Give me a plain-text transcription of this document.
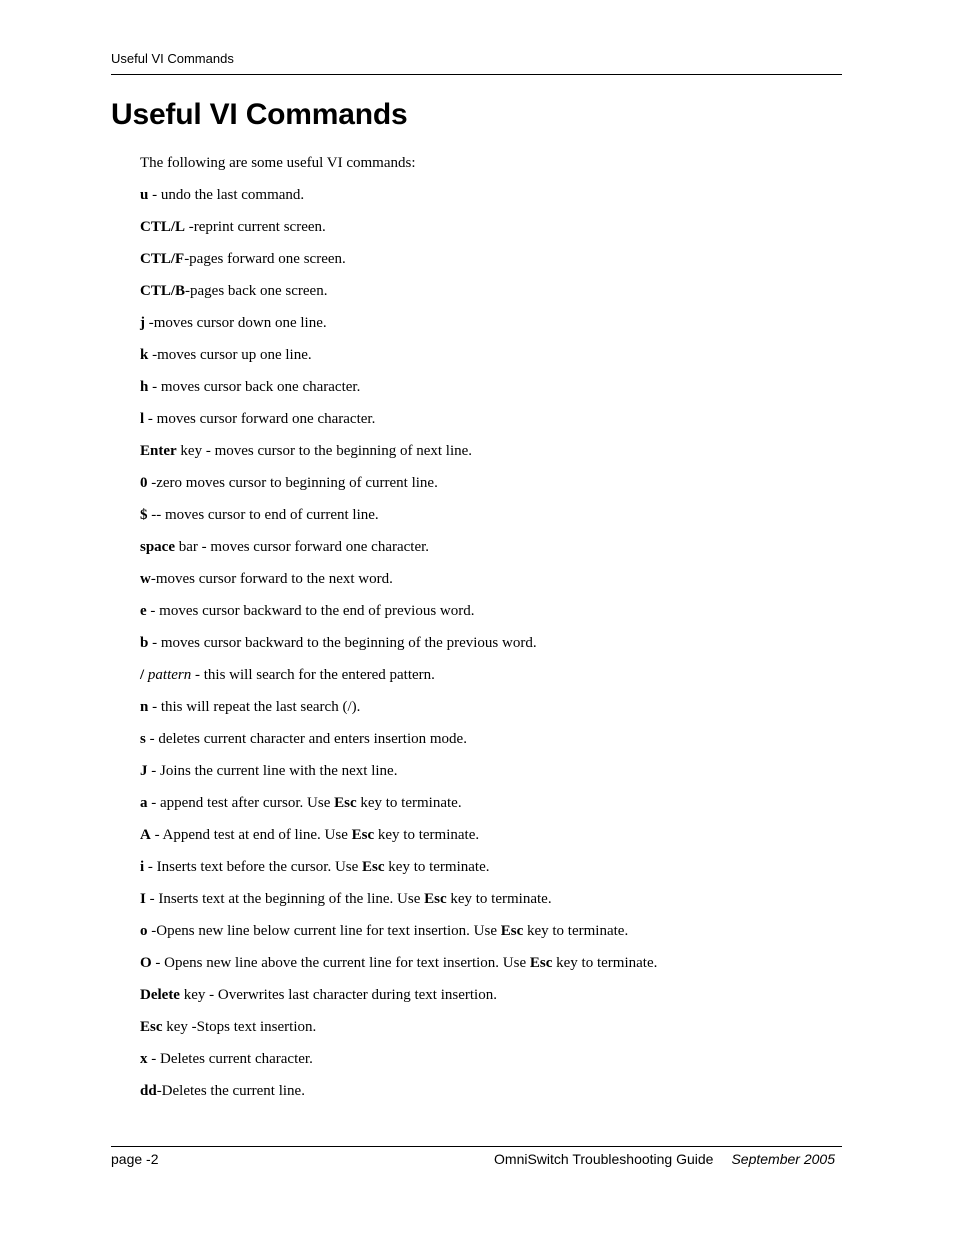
Useful VI Commands
Useful VI Commands

The following are some useful VI commands:

u - undo the last command.

CTL/L -reprint current screen.

CTL/F-pages forward one screen.

CTL/B-pages back one screen.

j -moves cursor down one line.

k -moves cursor up one line.

h - moves cursor back one character.

l - moves cursor forward one character.

Enter key - moves cursor to the beginning of next line.

0 -zero moves cursor to beginning of current line.

$ -- moves cursor to end of current line.

space bar - moves cursor forward one character.

w-moves cursor forward to the next word.

e - moves cursor backward to the end of previous word.

b - moves cursor backward to the beginning of the previous word.

/ pattern - this will search for the entered pattern.

n - this will repeat the last search (/).

s - deletes current character and enters insertion mode.

J - Joins the current line with the next line.

a - append test after cursor. Use Esc key to terminate.

A - Append test at end of line. Use Esc key to terminate.

i - Inserts text before the cursor. Use Esc key to terminate.

I - Inserts text at the beginning of the line. Use Esc key to terminate.

o -Opens new line below current line for text insertion. Use Esc key to terminate.

O - Opens new line above the current line for text insertion. Use Esc key to terminate.

Delete key - Overwrites last character during text insertion.

Esc key -Stops text insertion.

x - Deletes current character.

dd-Deletes the current line.

page -2	OmniSwitch Troubleshooting Guide September 2005
